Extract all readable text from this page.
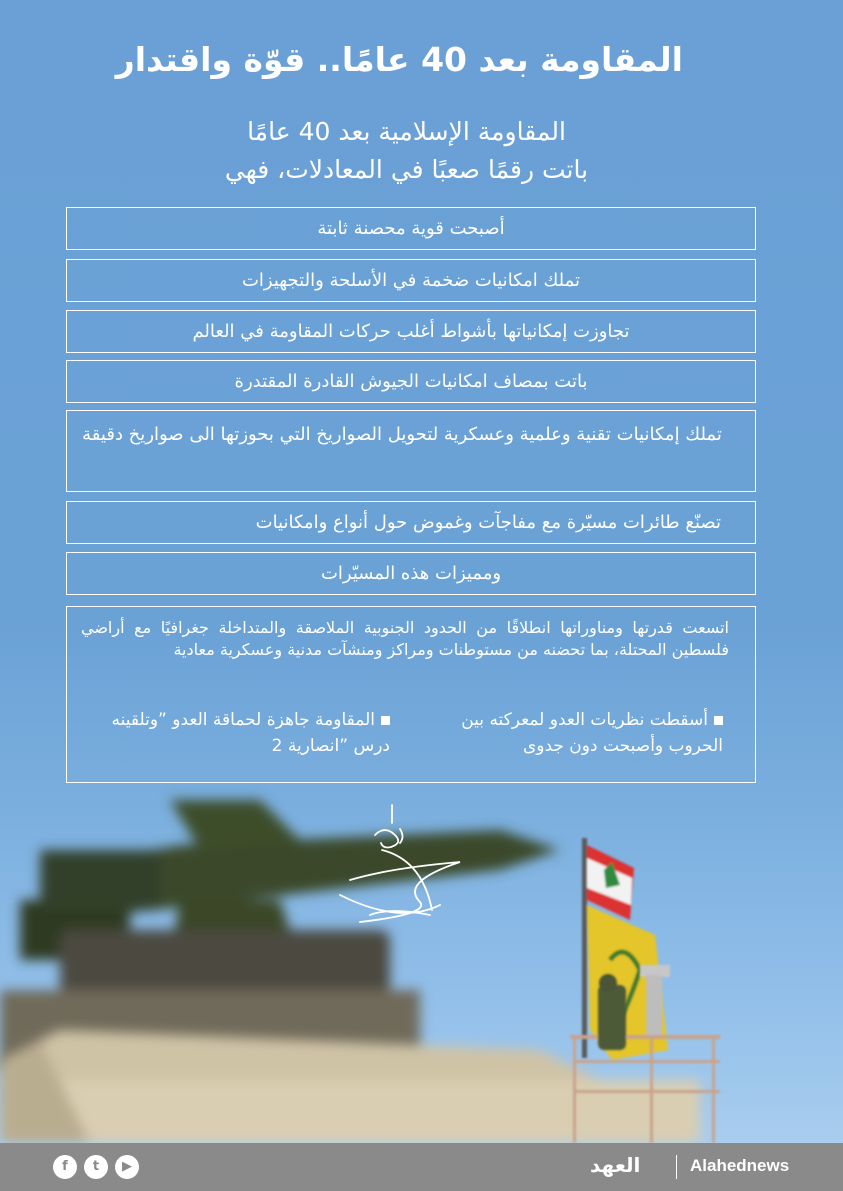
المقاومة بعد 40 عامًا.. قوّة واقتدار
المقاومة الإسلامية بعد 40 عامًا
باتت رقمًا صعبًا في المعادلات، فهي
أصبحت قوية محصنة ثابتة
تملك امكانيات ضخمة في الأسلحة والتجهيزات
تجاوزت إمكانياتها بأشواط أغلب حركات المقاومة في العالم
باتت بمصاف امكانيات الجيوش القادرة المقتدرة
تملك إمكانيات تقنية وعلمية وعسكرية لتحويل الصواريخ التي بحوزتها الى صواريخ دقيقة
تصنّع طائرات مسيّرة مع مفاجآت وغموض حول أنواع وامكانيات
ومميزات هذه المسيّرات
اتسعت قدرتها ومناوراتها انطلاقًا من الحدود الجنوبية الملاصقة والمتداخلة جغرافيًا مع أراضي فلسطين المحتلة، بما تحضنه من مستوطنات ومراكز ومنشآت مدنية وعسكرية معادية
أسقطت نظريات العدو لمعركته بين الحروب وأصبحت دون جدوى
المقاومة جاهزة لحماقة العدو ”وتلقينه درس ”انصارية 2
f	t	▶	العهد	Alahednews
